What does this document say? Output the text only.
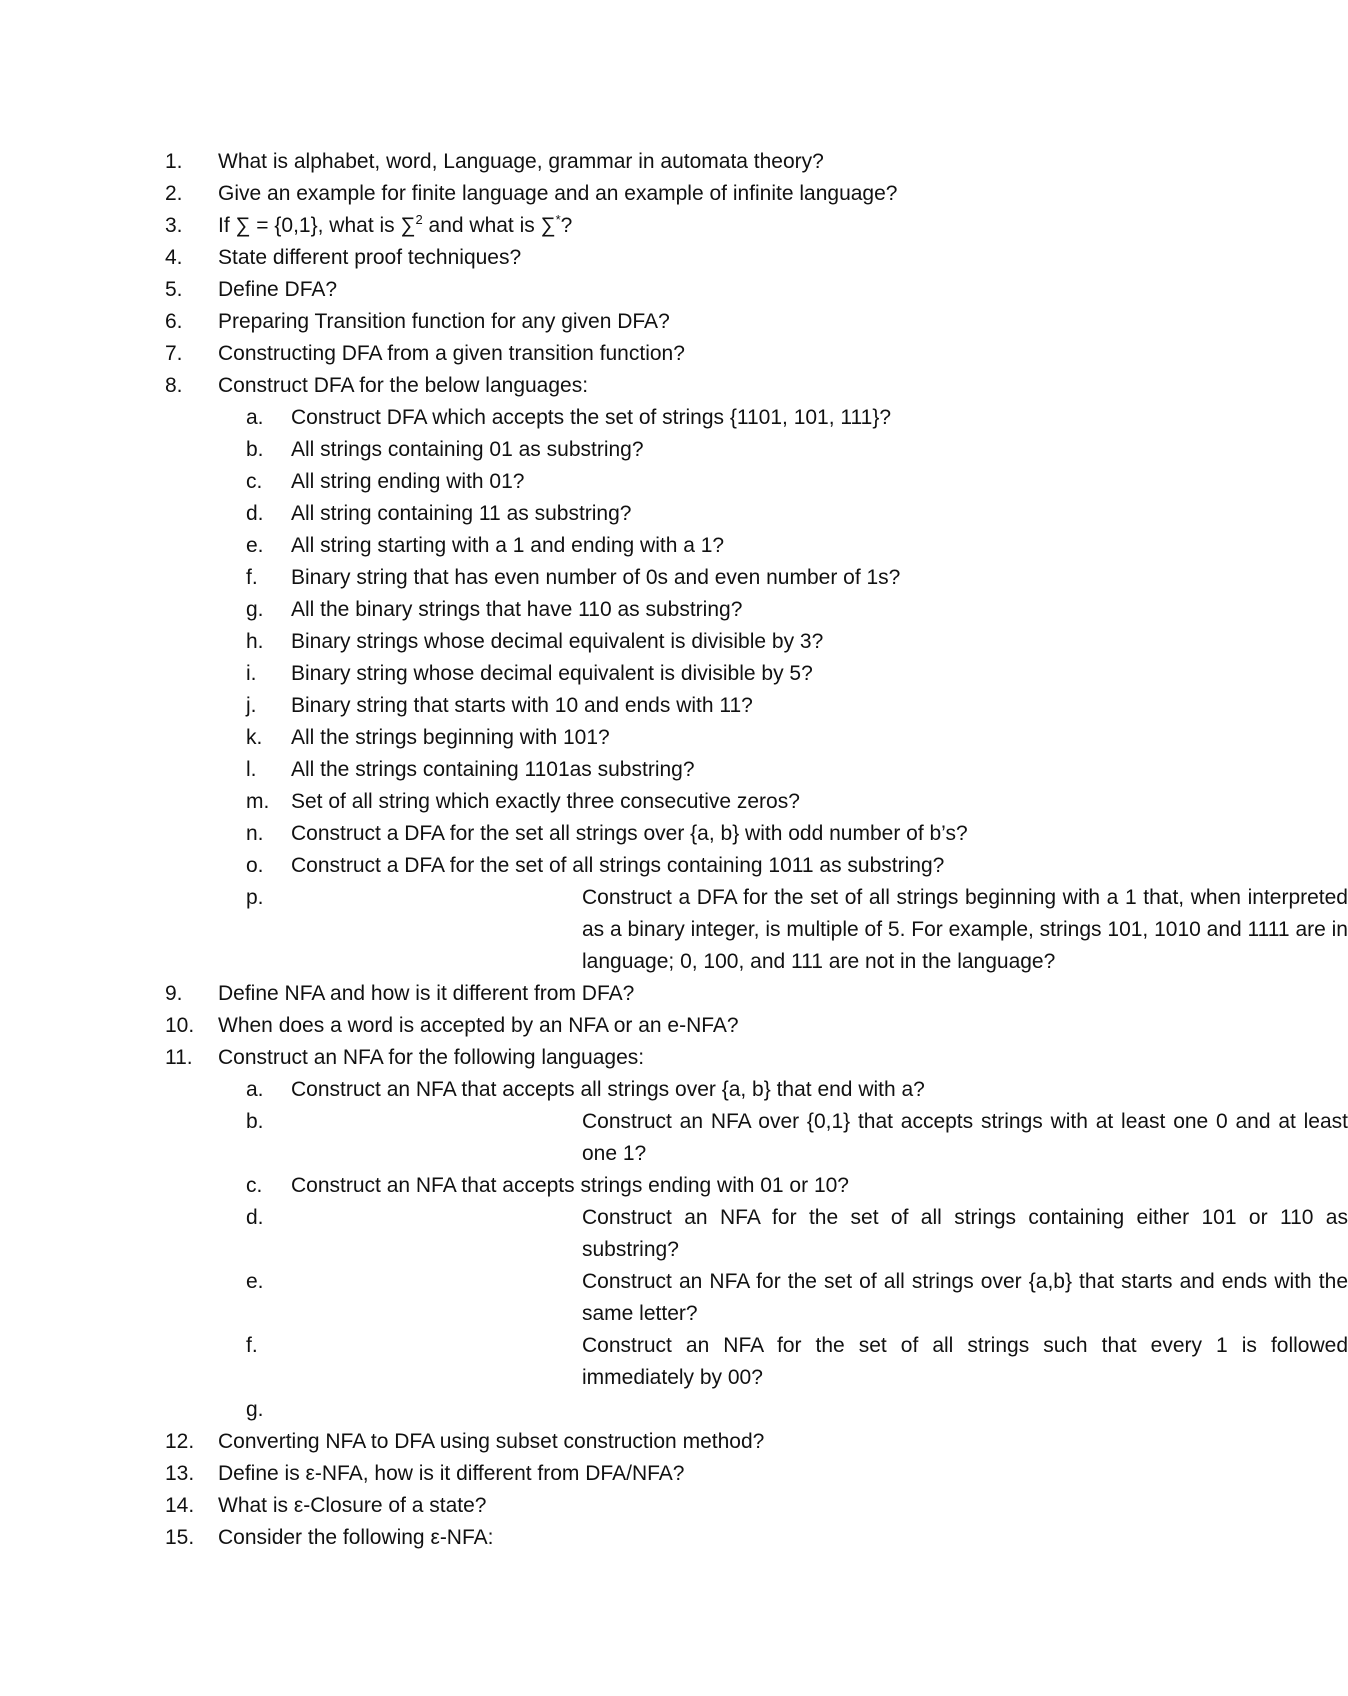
1.	What is alphabet, word, Language, grammar in automata theory?
2.	Give an example for finite language and an example of infinite language?
3.	If ∑ = {0,1}, what is ∑$^2$ and what is ∑*?
4.	State different proof techniques?
5.	Define DFA?
6.	Preparing Transition function for any given DFA?
7.	Constructing DFA from a given transition function?
8.	Construct DFA for the below languages:
a.	Construct DFA which accepts the set of strings {1101, 101, 111}?
b.	All strings containing 01 as substring?
c.	All string ending with 01?
d.	All string containing 11 as substring?
e.	All string starting with a 1 and ending with a 1?
f.	Binary string that has even number of 0s and even number of 1s?
g.	All the binary strings that have 110 as substring?
h.	Binary strings whose decimal equivalent is divisible by 3?
i.	Binary string whose decimal equivalent is divisible by 5?
j.	Binary string that starts with 10 and ends with 11?
k.	All the strings beginning with 101?
l.	All the strings containing 1101as substring?
m.	Set of all string which exactly three consecutive zeros?
n.	Construct a DFA for the set all strings over {a, b} with odd number of b’s?
o.	Construct a DFA for the set of all strings containing 1011 as substring?
p.	Construct a DFA for the set of all strings beginning with a 1 that, when interpreted as a binary integer, is multiple of 5. For example, strings 101, 1010 and 1111 are in language; 0, 100, and 111 are not in the language?
9.	Define NFA and how is it different from DFA?
10.	When does a word is accepted by an NFA or an e-NFA?
11.	Construct an NFA for the following languages:
a.	Construct an NFA that accepts all strings over {a, b} that end with a?
b.	Construct an NFA over {0,1} that accepts strings with at least one 0 and at least one 1?
c.	Construct an NFA that accepts strings ending with 01 or 10?
d.	Construct an NFA for the set of all strings containing either 101 or 110 as substring?
e.	Construct an NFA for the set of all strings over {a,b} that starts and ends with the same letter?
f.	Construct an NFA for the set of all strings such that every 1 is followed immediately by 00?
g.
12.	Converting NFA to DFA using subset construction method?
13.	Define is ε-NFA, how is it different from DFA/NFA?
14.	What is ε-Closure of a state?
15.	Consider the following ε-NFA:
